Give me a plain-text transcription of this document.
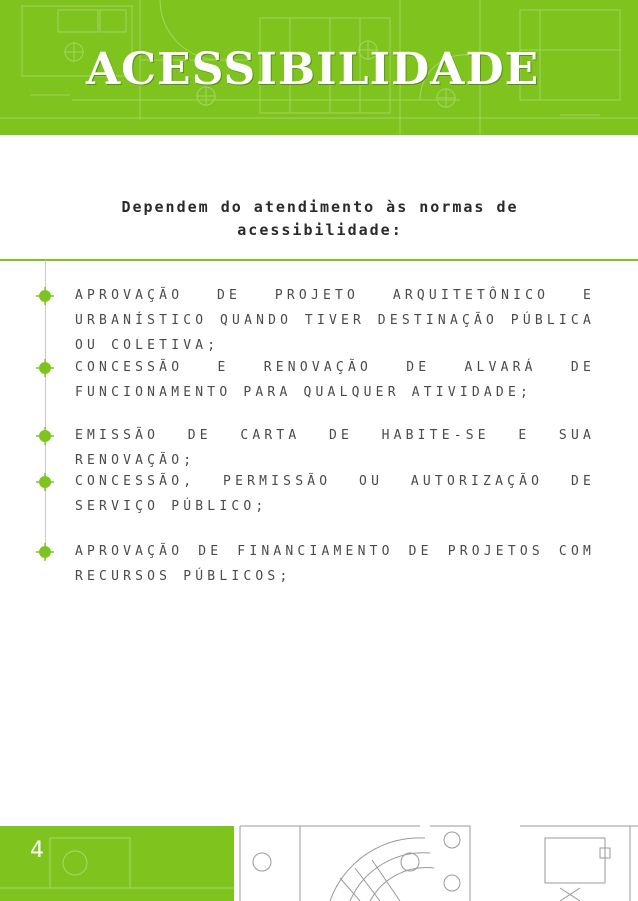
ACESSIBILIDADE
Dependem do atendimento às normas de
acessibilidade:
APROVAÇÃO DE PROJETO ARQUITETÔNICO E URBANÍSTICO QUANDO TIVER DESTINAÇÃO PÚBLICA OU COLETIVA;
CONCESSÃO E RENOVAÇÃO DE ALVARÁ DE FUNCIONAMENTO PARA QUALQUER ATIVIDADE;
EMISSÃO DE CARTA DE HABITE-SE E SUA RENOVAÇÃO;
CONCESSÃO, PERMISSÃO OU AUTORIZAÇÃO DE SERVIÇO PÚBLICO;
APROVAÇÃO DE FINANCIAMENTO DE PROJETOS COM RECURSOS PÚBLICOS;
4
